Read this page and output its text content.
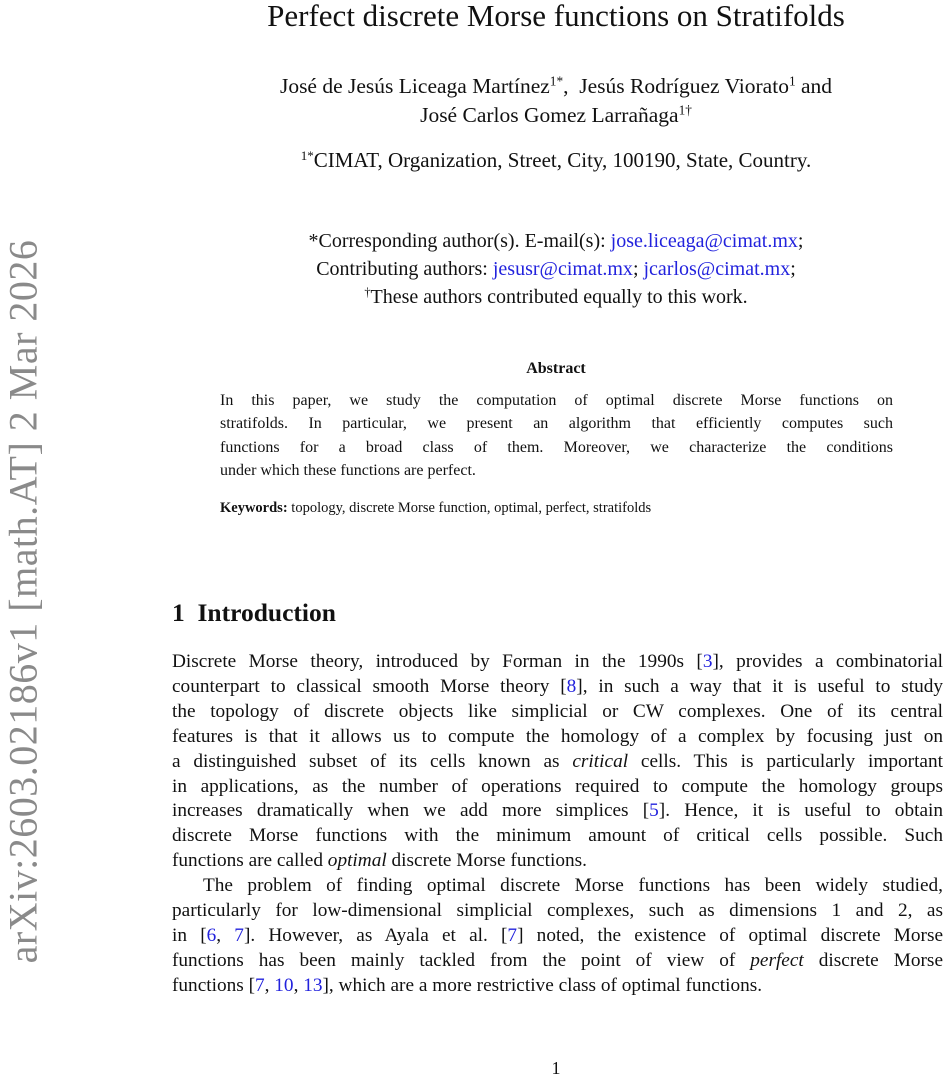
arXiv:2603.02186v1 [math.AT] 2 Mar 2026
Perfect discrete Morse functions on Stratifolds
José de Jesús Liceaga Martínez$^{1*}$,  Jesús Rodríguez Viorato$^1$ and
José Carlos Gomez Larrañaga$^{1\dagger}$
$^{1*}$CIMAT, Organization, Street, City, 100190, State, Country.
*Corresponding author(s). E-mail(s): jose.liceaga@cimat.mx;
Contributing authors: jesusr@cimat.mx; jcarlos@cimat.mx;
†These authors contributed equally to this work.
Abstract
In this paper, we study the computation of optimal discrete Morse functions on
stratifolds. In particular, we present an algorithm that efficiently computes such
functions for a broad class of them. Moreover, we characterize the conditions
under which these functions are perfect.
Keywords: topology, discrete Morse function, optimal, perfect, stratifolds
1 Introduction
Discrete Morse theory, introduced by Forman in the 1990s [3], provides a combinatorial
counterpart to classical smooth Morse theory [8], in such a way that it is useful to study
the topology of discrete objects like simplicial or CW complexes. One of its central
features is that it allows us to compute the homology of a complex by focusing just on
a distinguished subset of its cells known as critical cells. This is particularly important
in applications, as the number of operations required to compute the homology groups
increases dramatically when we add more simplices [5]. Hence, it is useful to obtain
discrete Morse functions with the minimum amount of critical cells possible. Such
functions are called optimal discrete Morse functions.
The problem of finding optimal discrete Morse functions has been widely studied,
particularly for low-dimensional simplicial complexes, such as dimensions 1 and 2, as
in [6, 7]. However, as Ayala et al. [7] noted, the existence of optimal discrete Morse
functions has been mainly tackled from the point of view of perfect discrete Morse
functions [7, 10, 13], which are a more restrictive class of optimal functions.
1
